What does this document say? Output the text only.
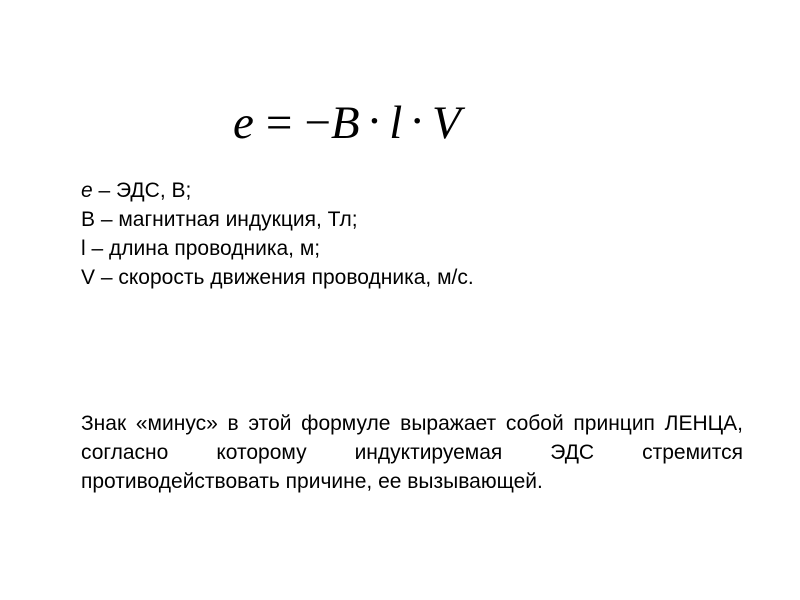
e = −B · l · V
e – ЭДС, В;
B – магнитная индукция, Тл;
l – длина проводника, м;
V – скорость движения проводника, м/с.
Знак «минус» в этой формуле выражает собой принцип ЛЕНЦА, согласно которому индуктируемая ЭДС стремится противодействовать причине, ее вызывающей.
